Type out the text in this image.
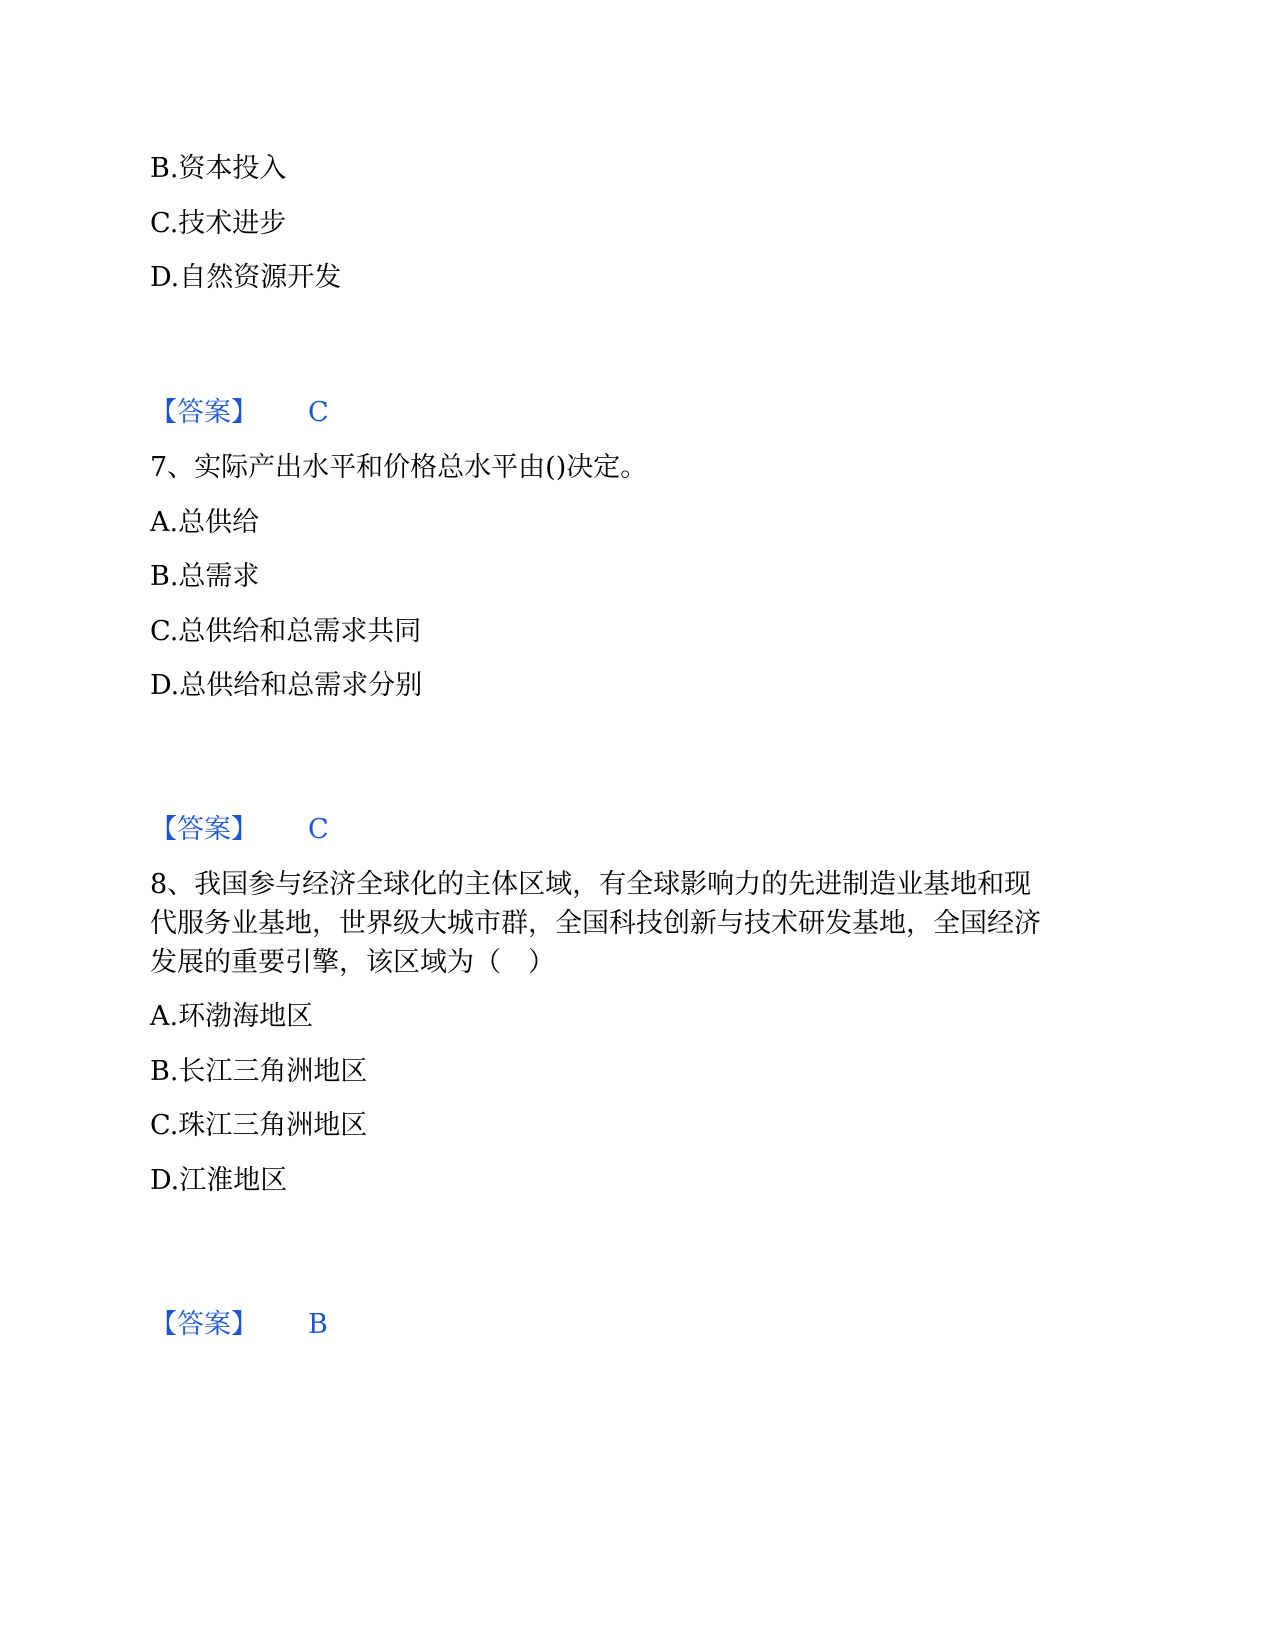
B.资本投入
C.技术进步
D.自然资源开发
【答案】 C
7、实际产出水平和价格总水平由()决定。
A.总供给
B.总需求
C.总供给和总需求共同
D.总供给和总需求分别
【答案】 C
8、我国参与经济全球化的主体区域，有全球影响力的先进制造业基地和现
代服务业基地，世界级大城市群，全国科技创新与技术研发基地，全国经济
发展的重要引擎，该区域为（　）
A.环渤海地区
B.长江三角洲地区
C.珠江三角洲地区
D.江淮地区
【答案】 B
